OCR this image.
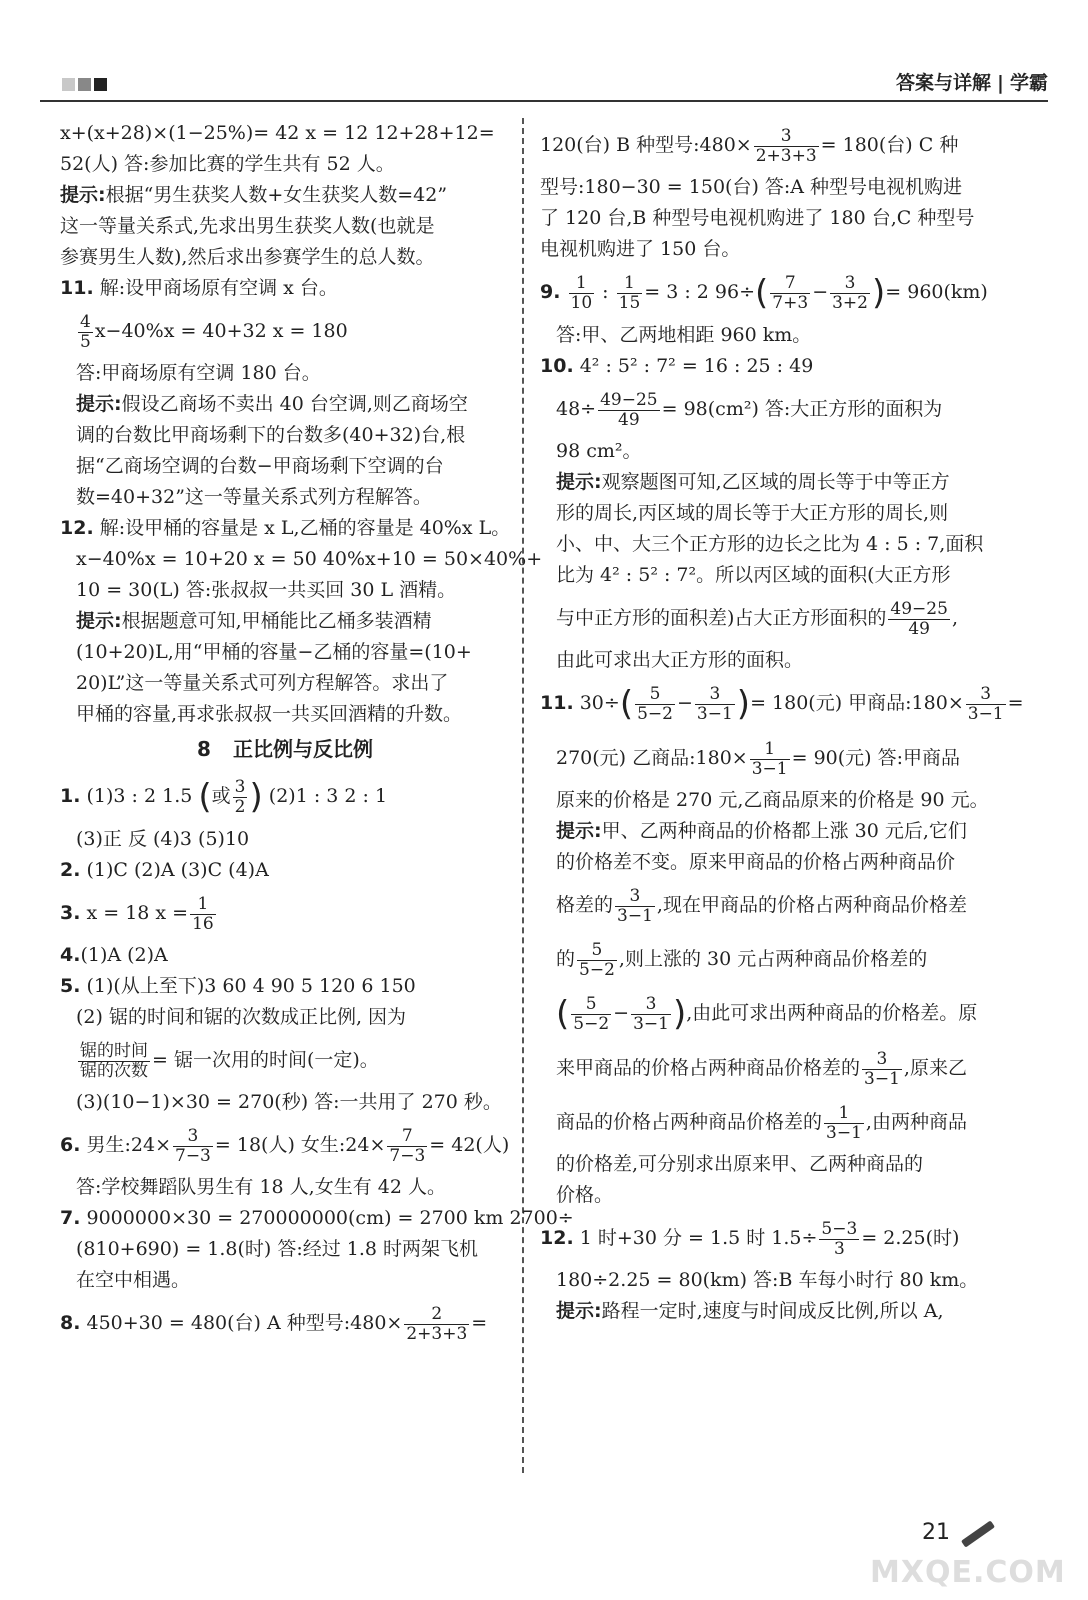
答案与详解 | 学霸
x+(x+28)×(1−25%)= 42 x = 12 12+28+12=
52(人) 答:参加比赛的学生共有 52 人。
提示:根据“男生获奖人数+女生获奖人数=42”
这一等量关系式,先求出男生获奖人数(也就是
参赛男生人数),然后求出参赛学生的总人数。
11. 解:设甲商场原有空调 x 台。
$\frac{4}{5} x-40\%x = 40+32$ x = 180
答:甲商场原有空调 180 台。
提示:假设乙商场不卖出 40 台空调,则乙商场空
调的台数比甲商场剩下的台数多(40+32)台,根
据“乙商场空调的台数−甲商场剩下空调的台
数=40+32”这一等量关系式列方程解答。
12. 解:设甲桶的容量是 x L,乙桶的容量是 40%x L。
x−40%x = 10+20 x = 50 40%x+10 = 50×40%+
10 = 30(L) 答:张叔叔一共买回 30 L 酒精。
提示:根据题意可知,甲桶能比乙桶多装酒精
(10+20)L,用“甲桶的容量−乙桶的容量=(10+
20)L”这一等量关系式可列方程解答。求出了
甲桶的容量,再求张叔叔一共买回酒精的升数。
8 正比例与反比例
1. (1)3 : 2 1.5 (或 $\frac{3}{2}$ ) (2)1 : 3 2 : 1
(3)正 反 (4)3 (5)10
2. (1)C (2)A (3)C (4)A
3. x = 18 $x = \frac{1}{16}$
4.(1)A (2)A
5. (1)(从上至下)3 60 4 90 5 120 6 150
(2) 锯的时间和锯的次数成正比例, 因为
$\frac{\text{锯的时间}}{\text{锯的次数}}$ = 锯一次用的时间(一定)。
(3)(10−1)×30 = 270(秒) 答:一共用了 270 秒。
6. 男生:24× $\frac{3}{7-3} = 18$(人) 女生:24× $\frac{7}{7-3} = 42$(人)
答:学校舞蹈队男生有 18 人,女生有 42 人。
7. 9000000×30 = 270000000(cm) = 2700 km 2700÷
(810+690) = 1.8(时) 答:经过 1.8 时两架飞机
在空中相遇。
8. 450+30 = 480(台) A 种型号:480× $\frac{2}{2+3+3}$ =
120(台) B 种型号:480× $\frac{3}{2+3+3} = 180$(台) C 种
型号:180−30 = 150(台) 答:A 种型号电视机购进
了 120 台,B 种型号电视机购进了 180 台,C 种型号
电视机购进了 150 台。
9. $\frac{1}{10}$ : $\frac{1}{15} = 3$ : 2 $96\div( \frac{7}{7+3} - \frac{3}{3+2}$ )= 960(km)
答:甲、乙两地相距 960 km。
10. 4² : 5² : 7² = 16 : 25 : 49
$48\div \frac{49-25}{49} = 98(cm^2)$ 答:大正方形的面积为
98 cm²。
提示:观察题图可知,乙区域的周长等于中等正方
形的周长,丙区域的周长等于大正方形的周长,则
小、中、大三个正方形的边长之比为 4 : 5 : 7,面积
比为 4² : 5² : 7²。所以丙区域的面积(大正方形
与中正方形的面积差)占大正方形面积的 $\frac{49-25}{49}$ ,
由此可求出大正方形的面积。
11. $30\div( \frac{5}{5-2} - \frac{3}{3-1}$ )= 180(元) 甲商品:180× $\frac{3}{3-1}$ =
270(元) 乙商品:180× $\frac{1}{3-1} = 90$(元) 答:甲商品
原来的价格是 270 元,乙商品原来的价格是 90 元。
提示:甲、乙两种商品的价格都上涨 30 元后,它们
的价格差不变。原来甲商品的价格占两种商品价
格差的 $\frac{3}{3-1}$ ,现在甲商品的价格占两种商品价格差
的 $\frac{5}{5-2}$ ,则上涨的 30 元占两种商品价格差的
( $\frac{5}{5-2} - \frac{3}{3-1}$ ),由此可求出两种商品的价格差。原
来甲商品的价格占两种商品价格差的 $\frac{3}{3-1}$ ,原来乙
商品的价格占两种商品价格差的 $\frac{1}{3-1}$ ,由两种商品
的价格差,可分别求出原来甲、乙两种商品的
价格。
12. 1 时+30 分 = 1.5 时 $1.5\div \frac{5-3}{3} = 2.25$(时)
180÷2.25 = 80(km) 答:B 车每小时行 80 km。
提示:路程一定时,速度与时间成反比例,所以 A,
21
MXQE.COM
